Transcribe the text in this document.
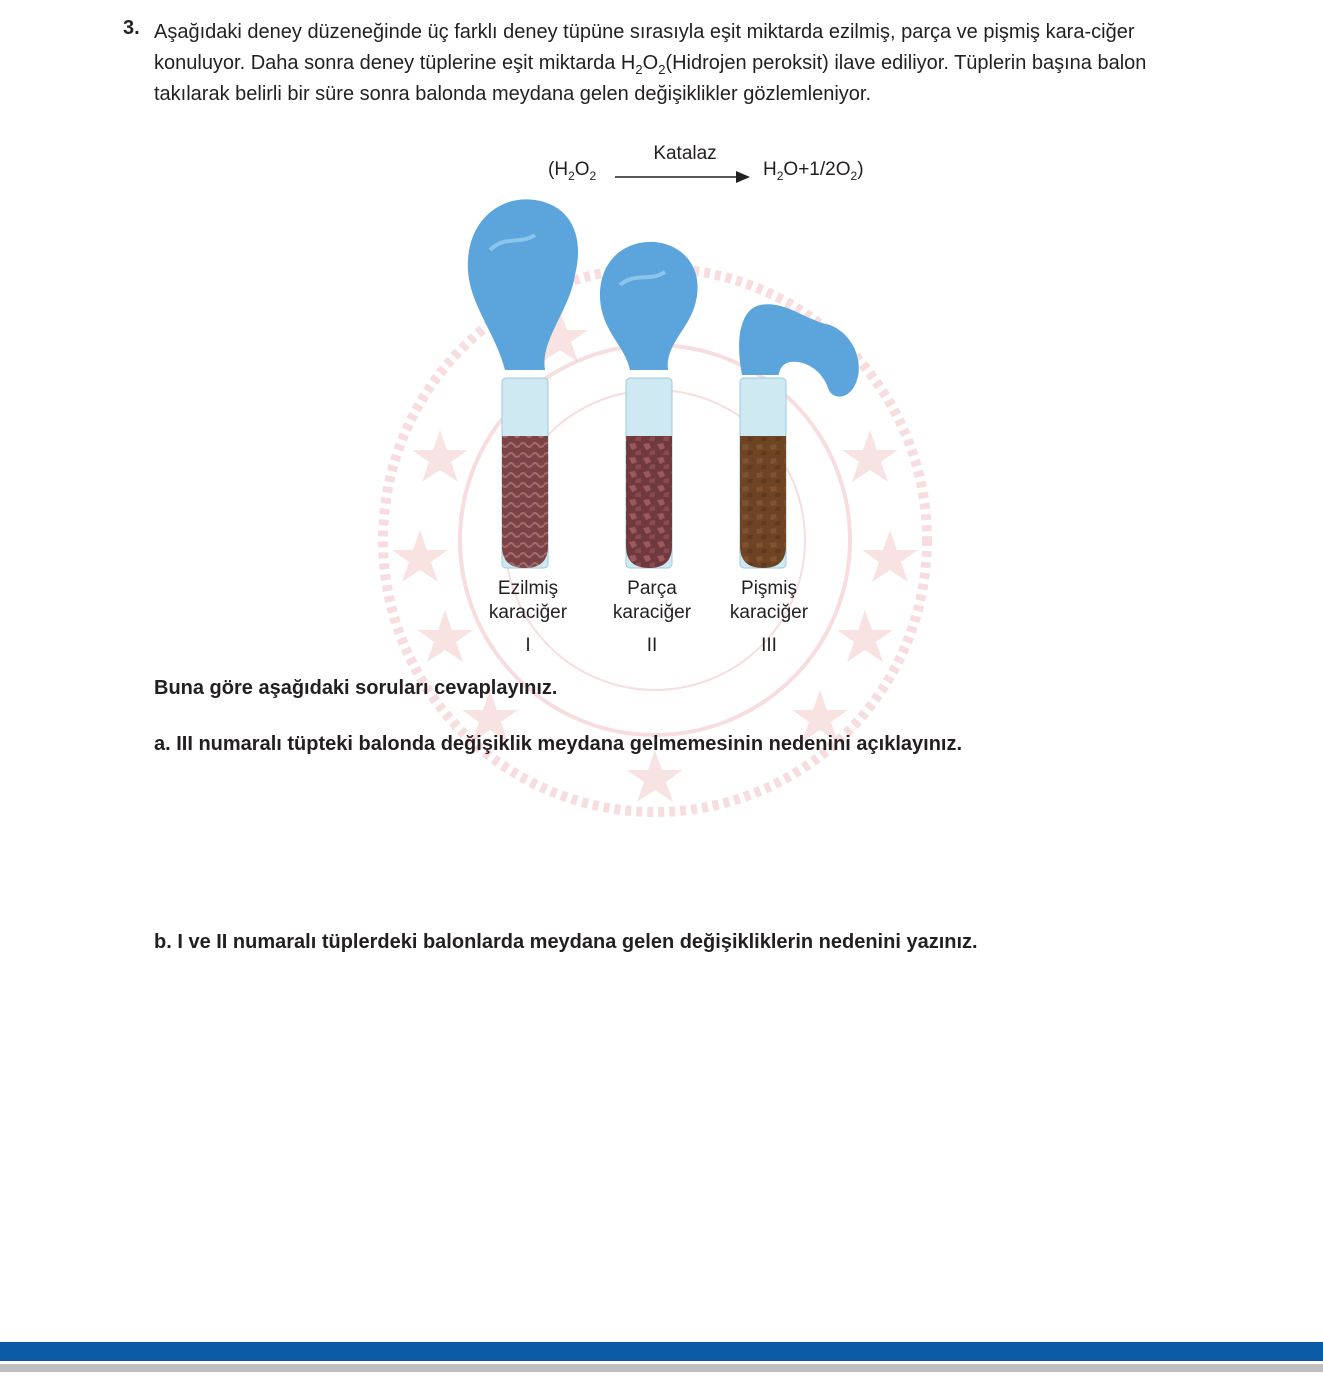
3. Aşağıdaki deney düzeneğinde üç farklı deney tüpüne sırasıyla eşit miktarda ezilmiş, parça ve pişmiş kara-ciğer konuluyor. Daha sonra deney tüplerine eşit miktarda $H_2O_2(Hidrojen$ peroksit) ilave ediliyor. Tüplerin başına balon takılarak belirli bir süre sonra balonda meydana gelen değişiklikler gözlemleniyor.

Katalaz
($H_2O_2$	$H_2O+1/2O_2$)
Ezilmiş
karaciğer
I
Parça
karaciğer
II
Pişmiş
karaciğer
III

Buna göre aşağıdaki soruları cevaplayınız.

a. III numaralı tüpteki balonda değişiklik meydana gelmemesinin nedenini açıklayınız.

b. I ve II numaralı tüplerdeki balonlarda meydana gelen değişikliklerin nedenini yazınız.
